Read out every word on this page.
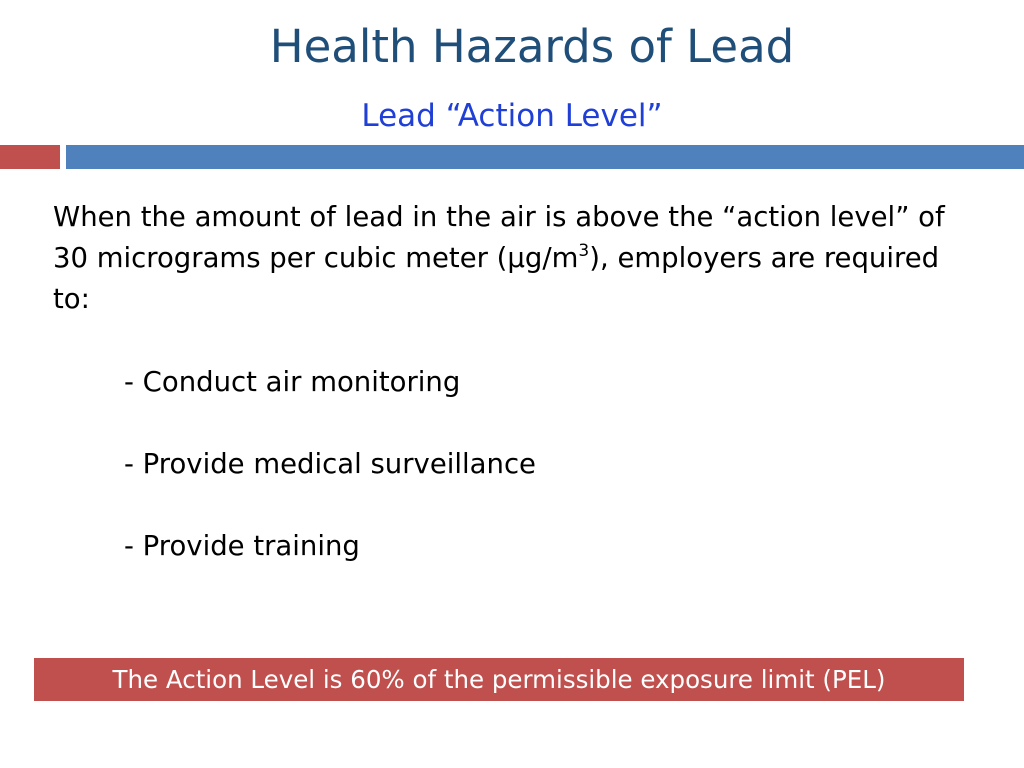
Health Hazards of Lead
Lead “Action Level”

When the amount of lead in the air is above the “action level” of 30 micrograms per cubic meter $(\mu g/m^3)$, employers are required to:

- Conduct air monitoring
- Provide medical surveillance
- Provide training
The Action Level is 60% of the permissible exposure limit (PEL)
